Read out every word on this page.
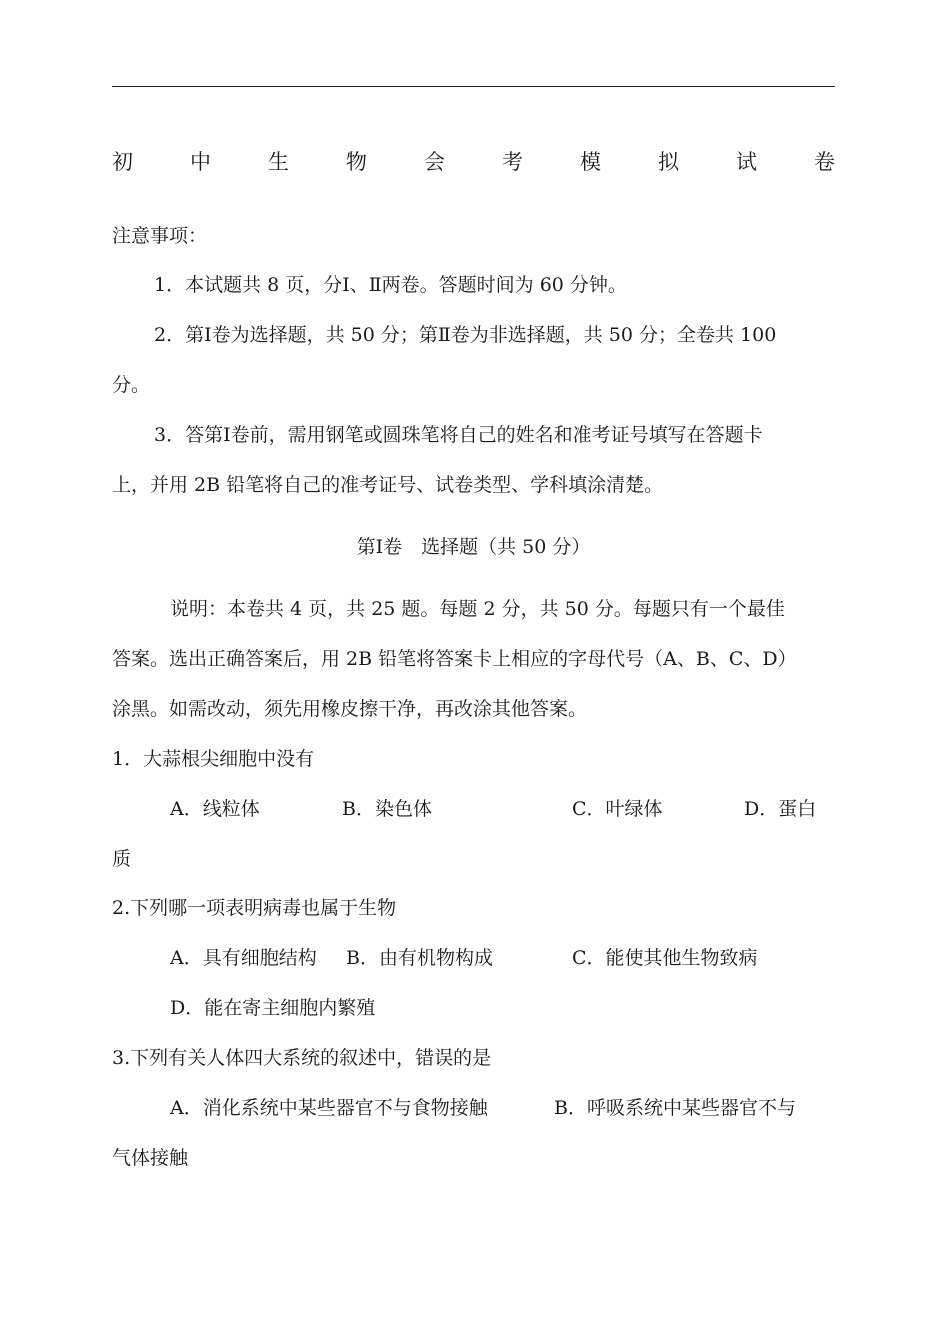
初	中	生	物	会	考	模	拟	试	卷
注意事项：
1．本试题共 8 页，分Ⅰ、Ⅱ两卷。答题时间为 60 分钟。
2．第Ⅰ卷为选择题，共 50 分；第Ⅱ卷为非选择题，共 50 分；全卷共 100
分。
3．答第Ⅰ卷前，需用钢笔或圆珠笔将自己的姓名和准考证号填写在答题卡
上，并用 2B 铅笔将自己的准考证号、试卷类型、学科填涂清楚。
第Ⅰ卷　选择题（共 50 分）
说明：本卷共 4 页，共 25 题。每题 2 分，共 50 分。每题只有一个最佳
答案。选出正确答案后，用 2B 铅笔将答案卡上相应的字母代号（A、B、C、D）
涂黑。如需改动，须先用橡皮擦干净，再改涂其他答案。
1．大蒜根尖细胞中没有
A．线粒体	B．染色体	C．叶绿体	D．蛋白
质
2.下列哪一项表明病毒也属于生物
A．具有细胞结构 B．由有机物构成	C．能使其他生物致病
D．能在寄主细胞内繁殖
3.下列有关人体四大系统的叙述中，错误的是
A．消化系统中某些器官不与食物接触	B．呼吸系统中某些器官不与
气体接触
